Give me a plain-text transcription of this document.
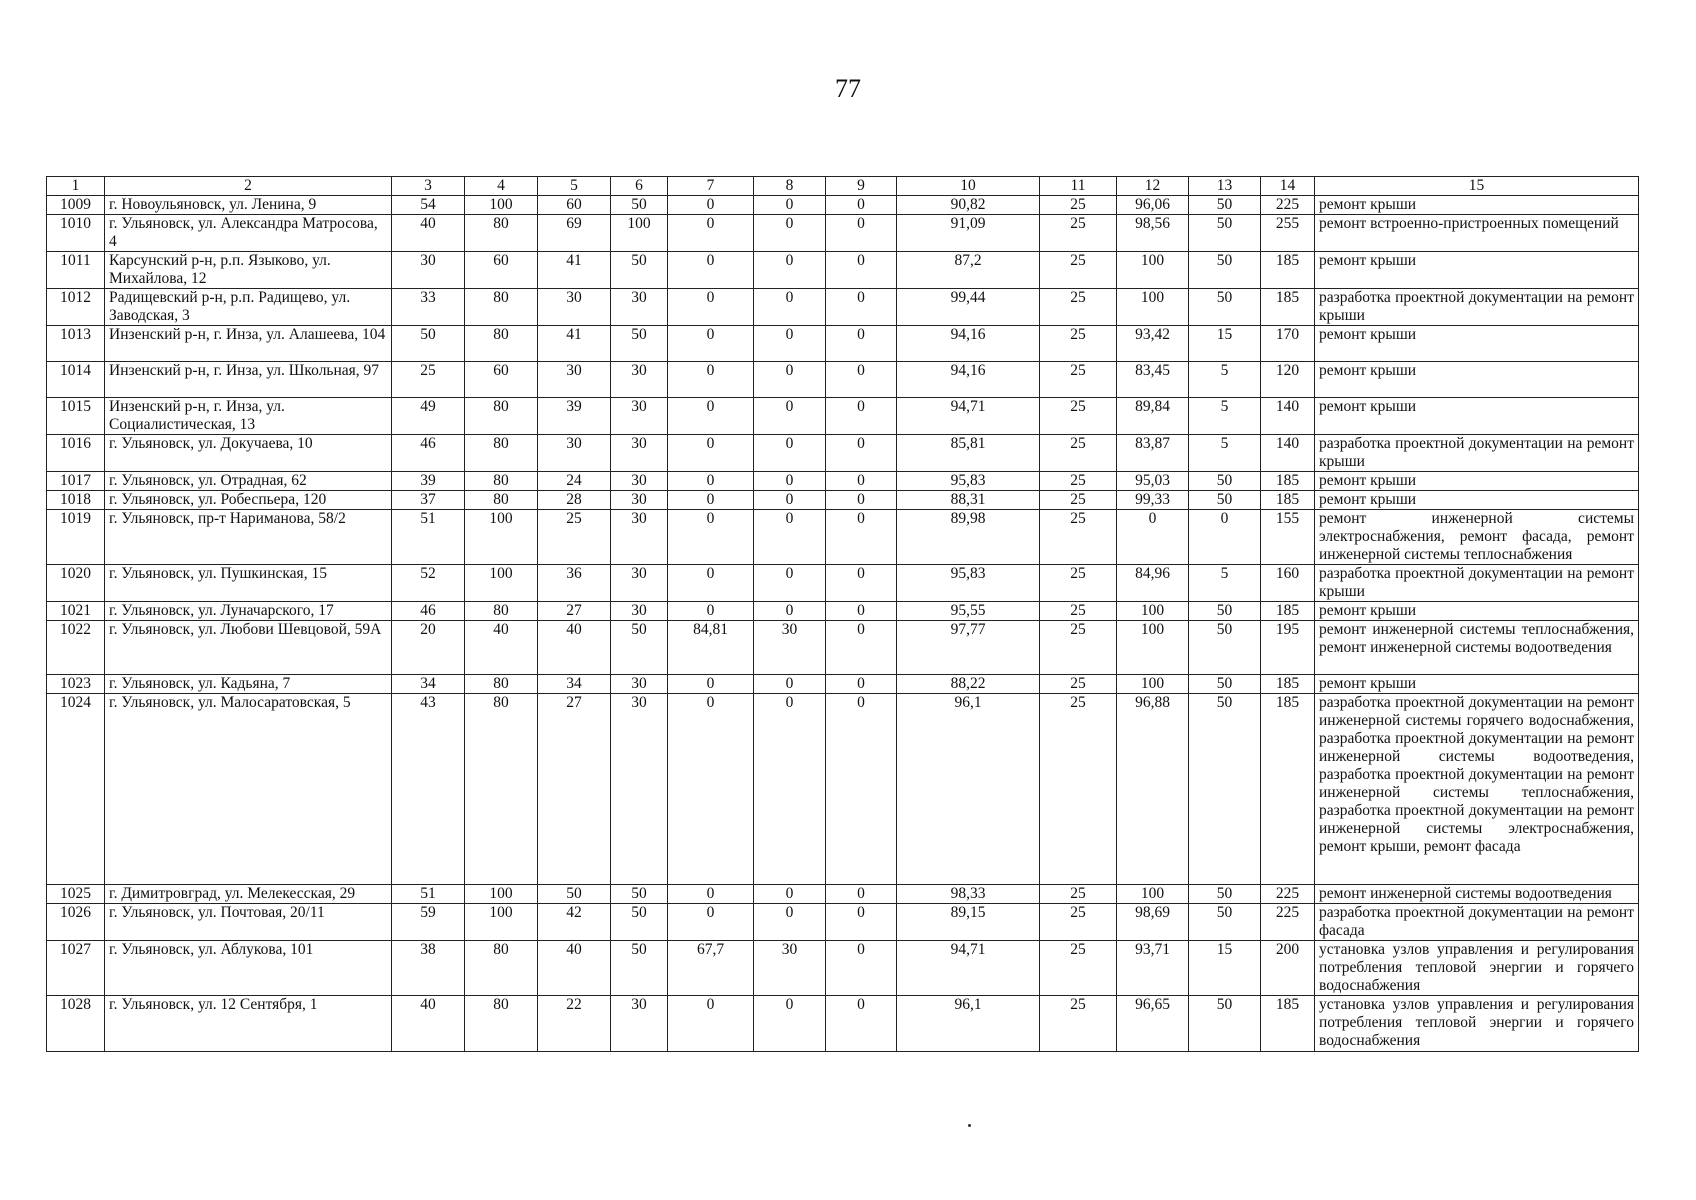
77
1	2	3	4	5	6	7	8	9	10	11	12	13	14	15
1009	г. Новоульяновск, ул. Ленина, 9	54	100	60	50	0	0	0	90,82	25	96,06	50	225	ремонт крыши
1010	г. Ульяновск, ул. Александра Матросова, 4	40	80	69	100	0	0	0	91,09	25	98,56	50	255	ремонт встроенно-пристроенных помещений
1011	Карсунский р-н, р.п. Языково, ул. Михайлова, 12	30	60	41	50	0	0	0	87,2	25	100	50	185	ремонт крыши
1012	Радищевский р-н, р.п. Радищево, ул. Заводская, 3	33	80	30	30	0	0	0	99,44	25	100	50	185	разработка проектной документации на ремонт крыши
1013	Инзенский р-н, г. Инза, ул. Алашеева, 104	50	80	41	50	0	0	0	94,16	25	93,42	15	170	ремонт крыши
1014	Инзенский р-н, г. Инза, ул. Школьная, 97	25	60	30	30	0	0	0	94,16	25	83,45	5	120	ремонт крыши
1015	Инзенский р-н, г. Инза, ул. Социалистическая, 13	49	80	39	30	0	0	0	94,71	25	89,84	5	140	ремонт крыши
1016	г. Ульяновск, ул. Докучаева, 10	46	80	30	30	0	0	0	85,81	25	83,87	5	140	разработка проектной документации на ремонт крыши
1017	г. Ульяновск, ул. Отрадная, 62	39	80	24	30	0	0	0	95,83	25	95,03	50	185	ремонт крыши
1018	г. Ульяновск, ул. Робеспьера, 120	37	80	28	30	0	0	0	88,31	25	99,33	50	185	ремонт крыши
1019	г. Ульяновск, пр-т Нариманова, 58/2	51	100	25	30	0	0	0	89,98	25	0	0	155	ремонт инженерной системы электроснабжения, ремонт фасада, ремонт инженерной системы теплоснабжения
1020	г. Ульяновск, ул. Пушкинская, 15	52	100	36	30	0	0	0	95,83	25	84,96	5	160	разработка проектной документации на ремонт крыши
1021	г. Ульяновск, ул. Луначарского, 17	46	80	27	30	0	0	0	95,55	25	100	50	185	ремонт крыши
1022	г. Ульяновск, ул. Любови Шевцовой, 59А	20	40	40	50	84,81	30	0	97,77	25	100	50	195	ремонт инженерной системы теплоснабжения, ремонт инженерной системы водоотведения
1023	г. Ульяновск, ул. Кадьяна, 7	34	80	34	30	0	0	0	88,22	25	100	50	185	ремонт крыши
1024	г. Ульяновск, ул. Малосаратовская, 5	43	80	27	30	0	0	0	96,1	25	96,88	50	185	разработка проектной документации на ремонт инженерной системы горячего водоснабжения, разработка проектной документации на ремонт инженерной системы водоотведения, разработка проектной документации на ремонт инженерной системы теплоснабжения, разработка проектной документации на ремонт инженерной системы электроснабжения, ремонт крыши, ремонт фасада
1025	г. Димитровград, ул. Мелекесская, 29	51	100	50	50	0	0	0	98,33	25	100	50	225	ремонт инженерной системы водоотведения
1026	г. Ульяновск, ул. Почтовая, 20/11	59	100	42	50	0	0	0	89,15	25	98,69	50	225	разработка проектной документации на ремонт фасада
1027	г. Ульяновск, ул. Аблукова, 101	38	80	40	50	67,7	30	0	94,71	25	93,71	15	200	установка узлов управления и регулирования потребления тепловой энергии и горячего водоснабжения
1028	г. Ульяновск, ул. 12 Сентября, 1	40	80	22	30	0	0	0	96,1	25	96,65	50	185	установка узлов управления и регулирования потребления тепловой энергии и горячего водоснабжения
